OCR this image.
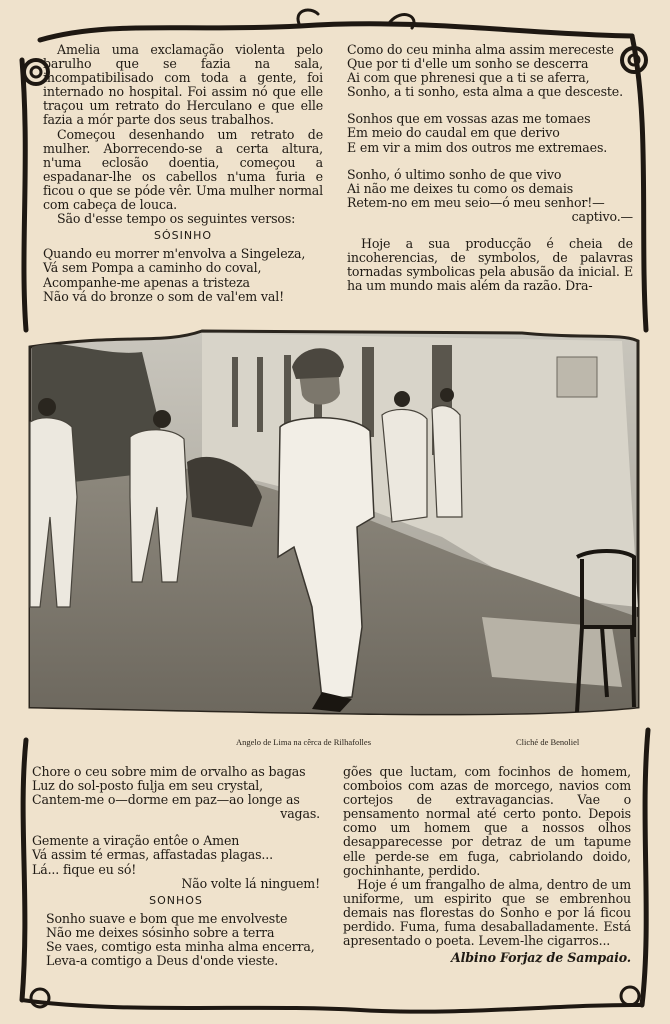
Amelia uma exclamação violenta pelo barulho que se fazia na sala, incompatibilisado com toda a gente, foi internado no hospital. Foi assim nó que elle traçou um retrato do Herculano e que elle fazia a mór parte dos seus trabalhos.

Começou desenhando um retrato de mulher. Aborrecendo-se a certa altura, n'uma eclosão doentia, começou a espadanar-lhe os cabellos n'uma furia e ficou o que se póde vêr. Uma mulher normal com cabeça de louca.

São d'esse tempo os seguintes versos:

SÓSINHO

Quando eu morrer m'envolva a Singeleza,

Vá sem Pompa a caminho do coval,

Acompanhe-me apenas a tristeza

Não vá do bronze o som de val'em val!

Como do ceu minha alma assim mereceste

Que por ti d'elle um sonho se descerra

Ai com que phrenesi que a ti se aferra,

Sonho, a ti sonho, esta alma a que desceste.

Sonhos que em vossas azas me tomaes

Em meio do caudal em que derivo

E em vir a mim dos outros me extremaes.

Sonho, ó ultimo sonho de que vivo

Ai não me deixes tu como os demais

Retem-no em meu seio—ó meu senhor!—

captivo.—

Hoje a sua producção é cheia de incoherencias, de symbolos, de palavras tornadas symbolicas pela abusão da inicial. E ha um mundo mais além da razão. Dra-

Angelo de Lima na cêrca de Rilhafolles	Cliché de Benoliel

Chore o ceu sobre mim de orvalho as bagas

Luz do sol-posto fulja em seu crystal,

Cantem-me o—dorme em paz—ao longe as

vagas.

Gemente a viração entôe o Amen

Vá assim té ermas, affastadas plagas...

Lá... fique eu só!

Não volte lá ninguem!

SONHOS

Sonho suave e bom que me envolveste

Não me deixes sósinho sobre a terra

Se vaes, comtigo esta minha alma encerra,

Leva-a comtigo a Deus d'onde vieste.

gões que luctam, com focinhos de homem, comboios com azas de morcego, navios com cortejos de extravagancias. Vae o pensamento normal até certo ponto. Depois como um homem que a nossos olhos desapparecesse por detraz de um tapume elle perde-se em fuga, cabriolando doido, gochinhante, perdido.

Hoje é um frangalho de alma, dentro de um uniforme, um espirito que se embrenhou demais nas florestas do Sonho e por lá ficou perdido. Fuma, fuma desaballadamente. Está apresentado o poeta. Levem-lhe cigarros...

Albino Forjaz de Sampaio.
